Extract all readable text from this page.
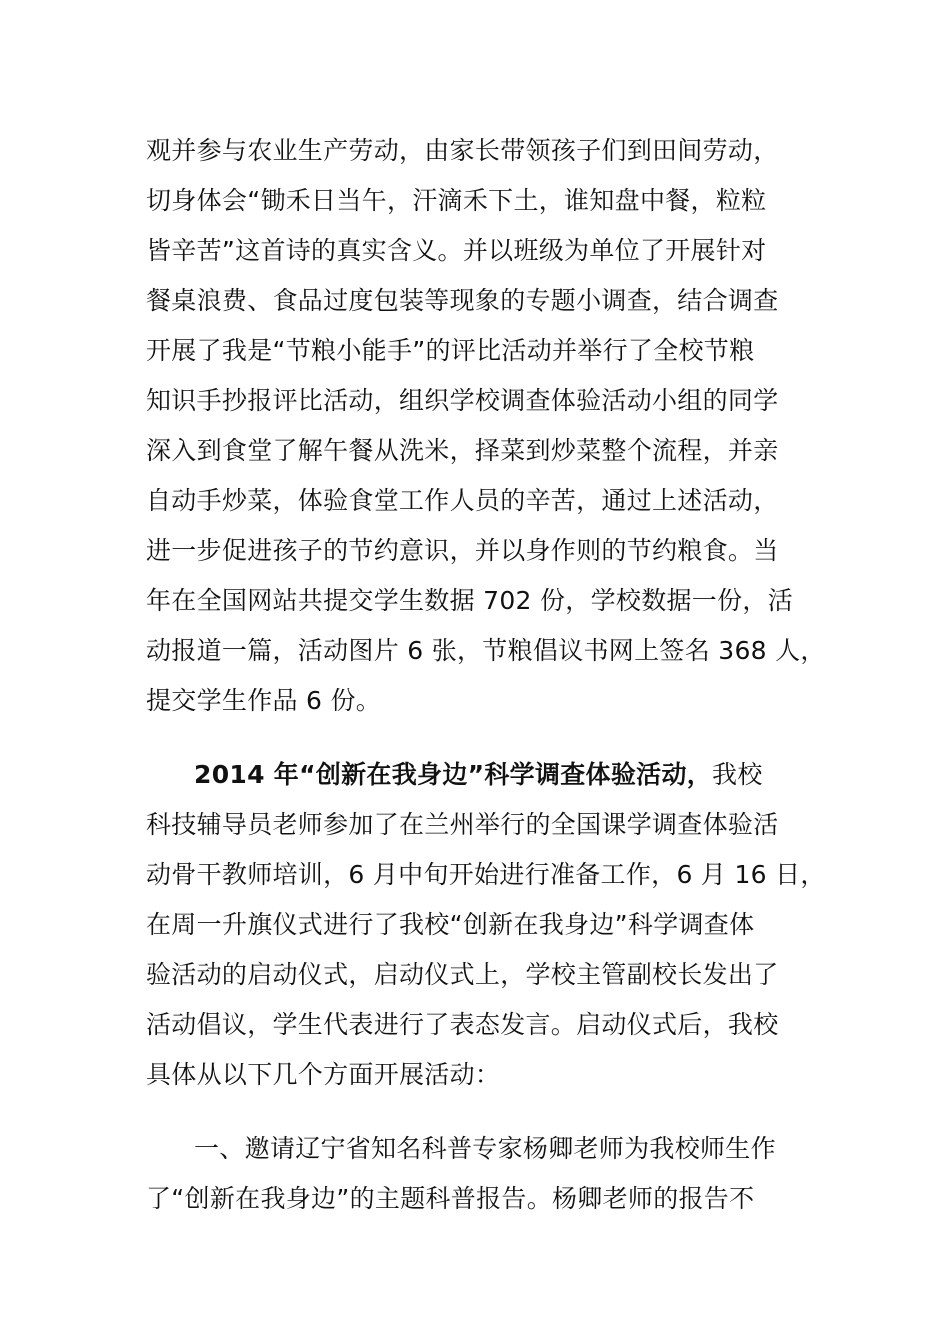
观并参与农业生产劳动，由家长带领孩子们到田间劳动，
切身体会“锄禾日当午，汗滴禾下土，谁知盘中餐，粒粒
皆辛苦”这首诗的真实含义。并以班级为单位了开展针对
餐桌浪费、食品过度包装等现象的专题小调查，结合调查
开展了我是“节粮小能手”的评比活动并举行了全校节粮
知识手抄报评比活动，组织学校调查体验活动小组的同学
深入到食堂了解午餐从洗米，择菜到炒菜整个流程，并亲
自动手炒菜，体验食堂工作人员的辛苦，通过上述活动，
进一步促进孩子的节约意识，并以身作则的节约粮食。当
年在全国网站共提交学生数据 702 份，学校数据一份，活
动报道一篇，活动图片 6 张，节粮倡议书网上签名 368 人，
提交学生作品 6 份。
2014 年“创新在我身边”科学调查体验活动，我校
科技辅导员老师参加了在兰州举行的全国课学调查体验活
动骨干教师培训，6 月中旬开始进行准备工作，6 月 16 日，
在周一升旗仪式进行了我校“创新在我身边”科学调查体
验活动的启动仪式，启动仪式上，学校主管副校长发出了
活动倡议，学生代表进行了表态发言。启动仪式后，我校
具体从以下几个方面开展活动：
一、邀请辽宁省知名科普专家杨卿老师为我校师生作
了“创新在我身边”的主题科普报告。杨卿老师的报告不
